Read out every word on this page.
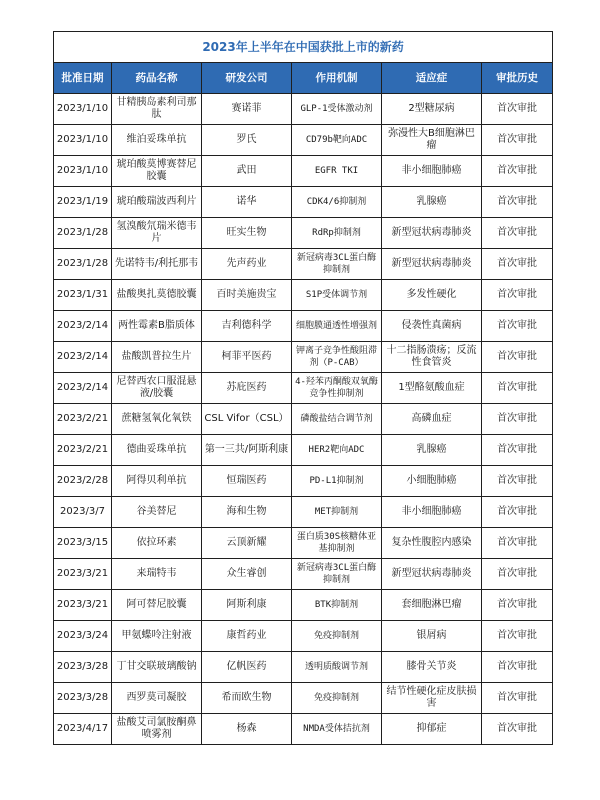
2023年上半年在中国获批上市的新药					
批准日期	药品名称	研发公司	作用机制	适应症	审批历史
2023/1/10	甘精胰岛素利司那肽	赛诺菲	GLP-1受体激动剂	2型糖尿病	首次审批
2023/1/10	维泊妥珠单抗	罗氏	CD79b靶向ADC	弥漫性大B细胞淋巴瘤	首次审批
2023/1/10	琥珀酸莫博赛替尼胶囊	武田	EGFR TKI	非小细胞肺癌	首次审批
2023/1/19	琥珀酸瑞波西利片	诺华	CDK4/6抑制剂	乳腺癌	首次审批
2023/1/28	氢溴酸氘瑞米德韦片	旺实生物	RdRp抑制剂	新型冠状病毒肺炎	首次审批
2023/1/28	先诺特韦/利托那韦	先声药业	新冠病毒3CL蛋白酶抑制剂	新型冠状病毒肺炎	首次审批
2023/1/31	盐酸奥扎莫德胶囊	百时美施贵宝	S1P受体调节剂	多发性硬化	首次审批
2023/2/14	两性霉素B脂质体	吉利德科学	细胞膜通透性增强剂	侵袭性真菌病	首次审批
2023/2/14	盐酸凯普拉生片	柯菲平医药	钾离子竞争性酸阻滞剂（P-CAB）	十二指肠溃疡；反流性食管炎	首次审批
2023/2/14	尼替西农口服混悬液/胶囊	苏庇医药	4-羟苯丙酮酸双氧酶竞争性抑制剂	1型酪氨酸血症	首次审批
2023/2/21	蔗糖氢氧化氧铁	CSL Vifor（CSL）	磷酸盐结合调节剂	高磷血症	首次审批
2023/2/21	德曲妥珠单抗	第一三共/阿斯利康	HER2靶向ADC	乳腺癌	首次审批
2023/2/28	阿得贝利单抗	恒瑞医药	PD-L1抑制剂	小细胞肺癌	首次审批
2023/3/7	谷美替尼	海和生物	MET抑制剂	非小细胞肺癌	首次审批
2023/3/15	依拉环素	云顶新耀	蛋白质30S核糖体亚基抑制剂	复杂性腹腔内感染	首次审批
2023/3/21	来瑞特韦	众生睿创	新冠病毒3CL蛋白酶抑制剂	新型冠状病毒肺炎	首次审批
2023/3/21	阿可替尼胶囊	阿斯利康	BTK抑制剂	套细胞淋巴瘤	首次审批
2023/3/24	甲氨蝶呤注射液	康哲药业	免疫抑制剂	银屑病	首次审批
2023/3/28	丁甘交联玻璃酸钠	亿帆医药	透明质酸调节剂	膝骨关节炎	首次审批
2023/3/28	西罗莫司凝胶	希而欧生物	免疫抑制剂	结节性硬化症皮肤损害	首次审批
2023/4/17	盐酸艾司氯胺酮鼻喷雾剂	杨森	NMDA受体拮抗剂	抑郁症	首次审批
